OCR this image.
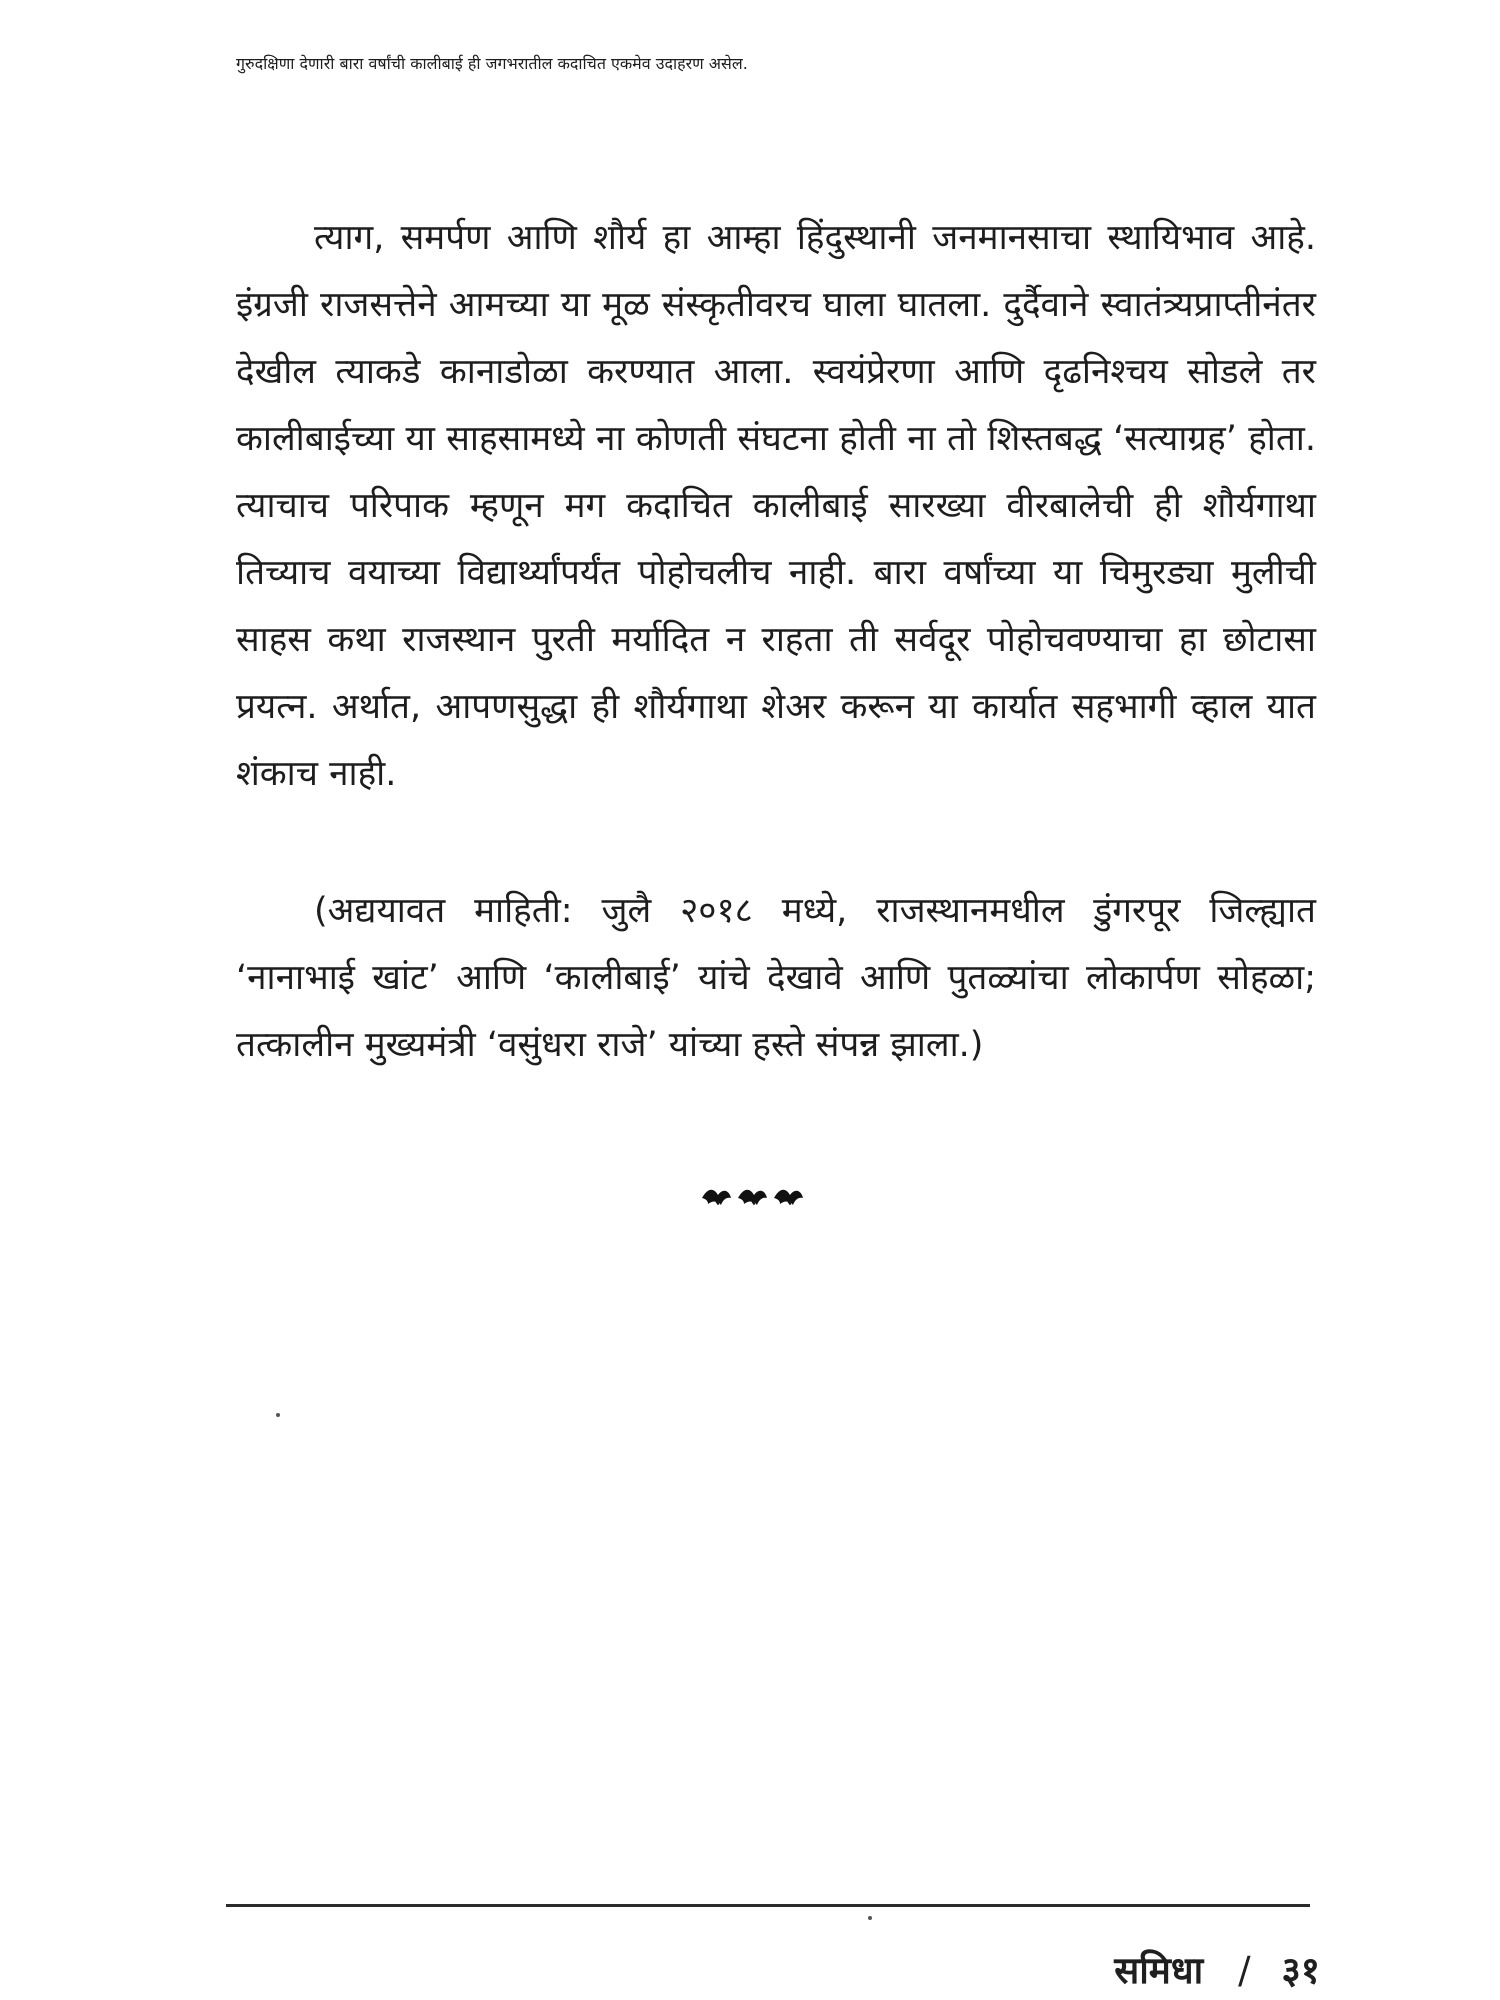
गुरुदक्षिणा देणारी बारा वर्षांची कालीबाई ही जगभरातील कदाचित एकमेव उदाहरण असेल.

त्याग, समर्पण आणि शौर्य हा आम्हा हिंदुस्थानी जनमानसाचा स्थायिभाव आहे. इंग्रजी राजसत्तेने आमच्या या मूळ संस्कृतीवरच घाला घातला. दुर्दैवाने स्वातंत्र्यप्राप्तीनंतर देखील त्याकडे कानाडोळा करण्यात आला. स्वयंप्रेरणा आणि दृढनिश्चय सोडले तर कालीबाईच्या या साहसामध्ये ना कोणती संघटना होती ना तो शिस्तबद्ध ‘सत्याग्रह’ होता. त्याचाच परिपाक म्हणून मग कदाचित कालीबाई सारख्या वीरबालेची ही शौर्यगाथा तिच्याच वयाच्या विद्यार्थ्यांपर्यंत पोहोचलीच नाही. बारा वर्षांच्या या चिमुरड्या मुलीची साहस कथा राजस्थान पुरती मर्यादित न राहता ती सर्वदूर पोहोचवण्याचा हा छोटासा प्रयत्न. अर्थात, आपणसुद्धा ही शौर्यगाथा शेअर करून या कार्यात सहभागी व्हाल यात शंकाच नाही.

(अद्ययावत माहिती: जुलै २०१८ मध्ये, राजस्थानमधील डुंगरपूर जिल्ह्यात ‘नानाभाई खांट’ आणि ‘कालीबाई’ यांचे देखावे आणि पुतळ्यांचा लोकार्पण सोहळा; तत्कालीन मुख्यमंत्री ‘वसुंधरा राजे’ यांच्या हस्ते संपन्न झाला.)

समिधा / ३१
